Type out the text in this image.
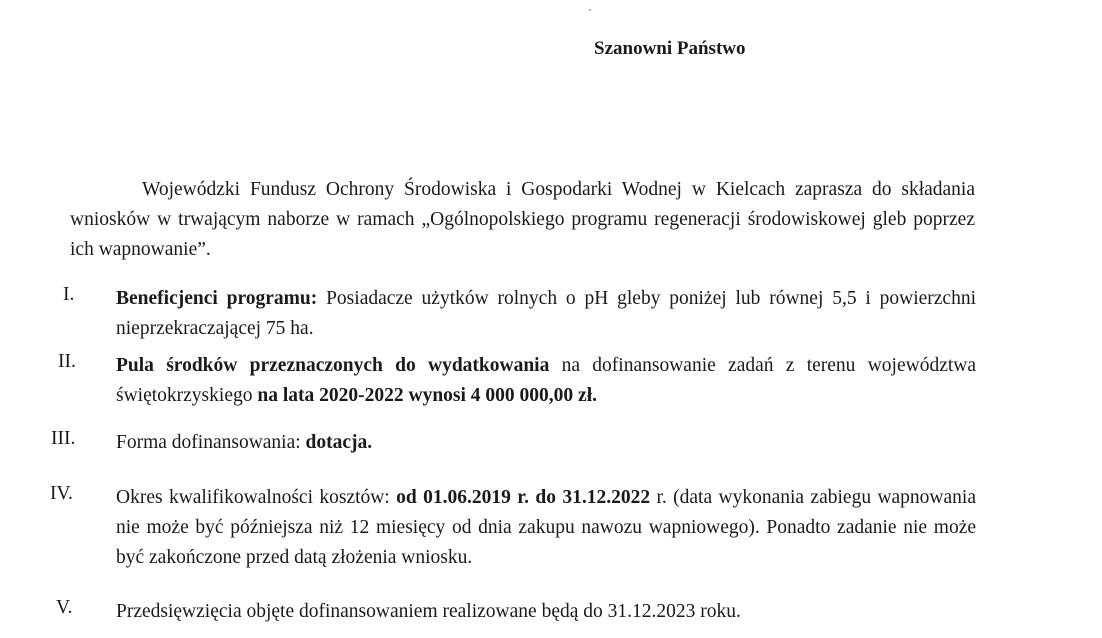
Szanowni Państwo
Wojewódzki Fundusz Ochrony Środowiska i Gospodarki Wodnej w Kielcach zaprasza do składania wniosków w trwającym naborze w ramach „Ogólnopolskiego programu regeneracji środowiskowej gleb poprzez ich wapnowanie”.
I.	Beneficjenci programu: Posiadacze użytków rolnych o pH gleby poniżej lub równej 5,5 i powierzchni nieprzekraczającej 75 ha.
II.	Pula środków przeznaczonych do wydatkowania na dofinansowanie zadań z terenu województwa świętokrzyskiego na lata 2020-2022 wynosi 4 000 000,00 zł.
III.	Forma dofinansowania: dotacja.
IV.	Okres kwalifikowalności kosztów: od 01.06.2019 r. do 31.12.2022 r. (data wykonania zabiegu wapnowania nie może być późniejsza niż 12 miesięcy od dnia zakupu nawozu wapniowego). Ponadto zadanie nie może być zakończone przed datą złożenia wniosku.
V.	Przedsięwzięcia objęte dofinansowaniem realizowane będą do 31.12.2023 roku.
